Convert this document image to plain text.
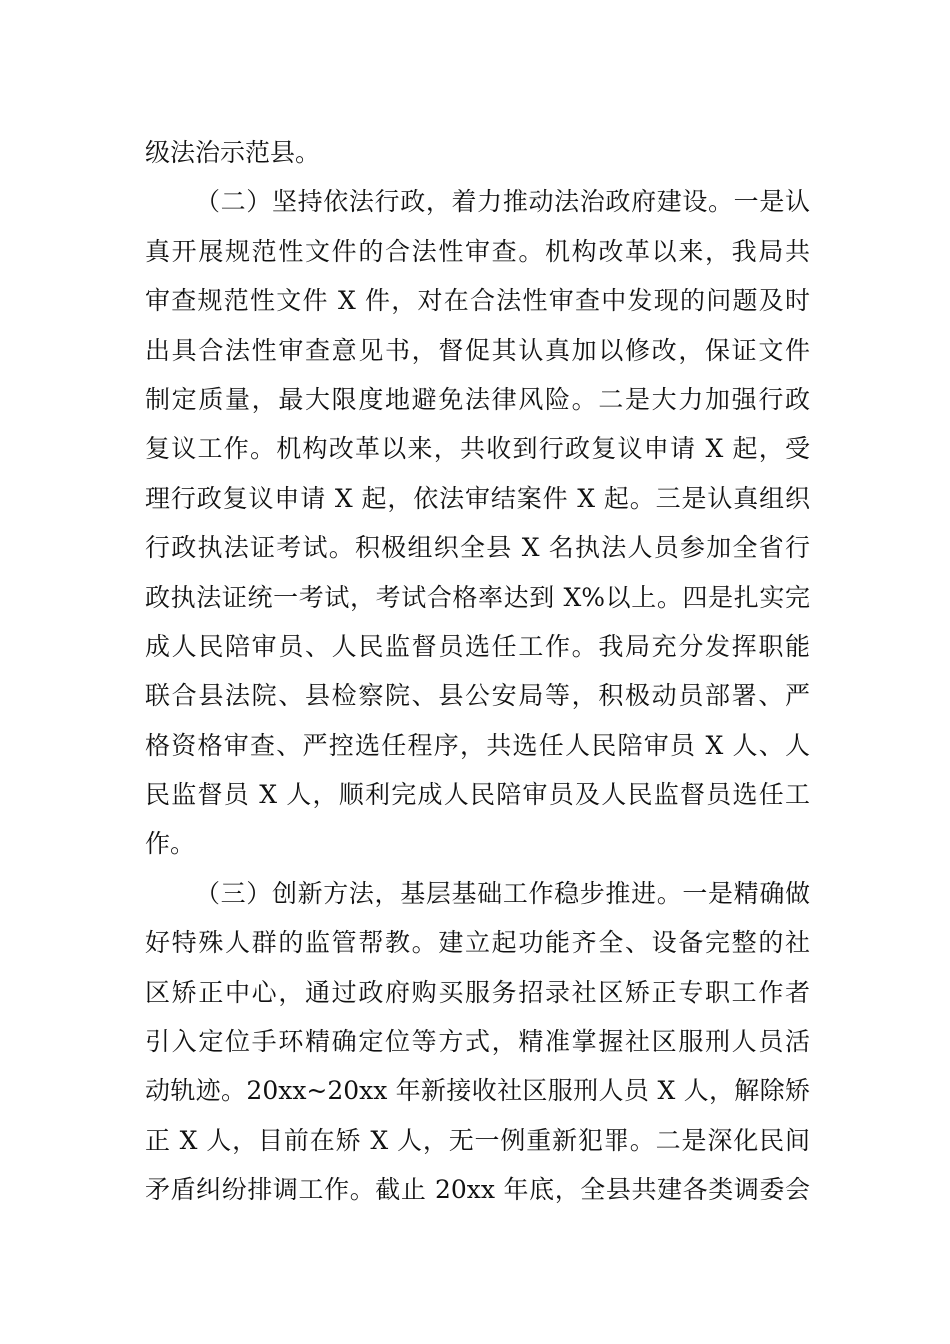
级法治示范县。
（二）坚持依法行政，着力推动法治政府建设。一是认
真开展规范性文件的合法性审查。机构改革以来，我局共
审查规范性文件 X 件，对在合法性审查中发现的问题及时
出具合法性审查意见书，督促其认真加以修改，保证文件
制定质量，最大限度地避免法律风险。二是大力加强行政
复议工作。机构改革以来，共收到行政复议申请 X 起，受
理行政复议申请 X 起，依法审结案件 X 起。三是认真组织
行政执法证考试。积极组织全县 X 名执法人员参加全省行
政执法证统一考试，考试合格率达到 X%以上。四是扎实完
成人民陪审员、人民监督员选任工作。我局充分发挥职能
联合县法院、县检察院、县公安局等，积极动员部署、严
格资格审查、严控选任程序，共选任人民陪审员 X 人、人
民监督员 X 人，顺利完成人民陪审员及人民监督员选任工
作。
（三）创新方法，基层基础工作稳步推进。一是精确做
好特殊人群的监管帮教。建立起功能齐全、设备完整的社
区矫正中心，通过政府购买服务招录社区矫正专职工作者
引入定位手环精确定位等方式，精准掌握社区服刑人员活
动轨迹。20xx~20xx 年新接收社区服刑人员 X 人，解除矫
正 X 人，目前在矫 X 人，无一例重新犯罪。二是深化民间
矛盾纠纷排调工作。截止 20xx 年底，全县共建各类调委会
